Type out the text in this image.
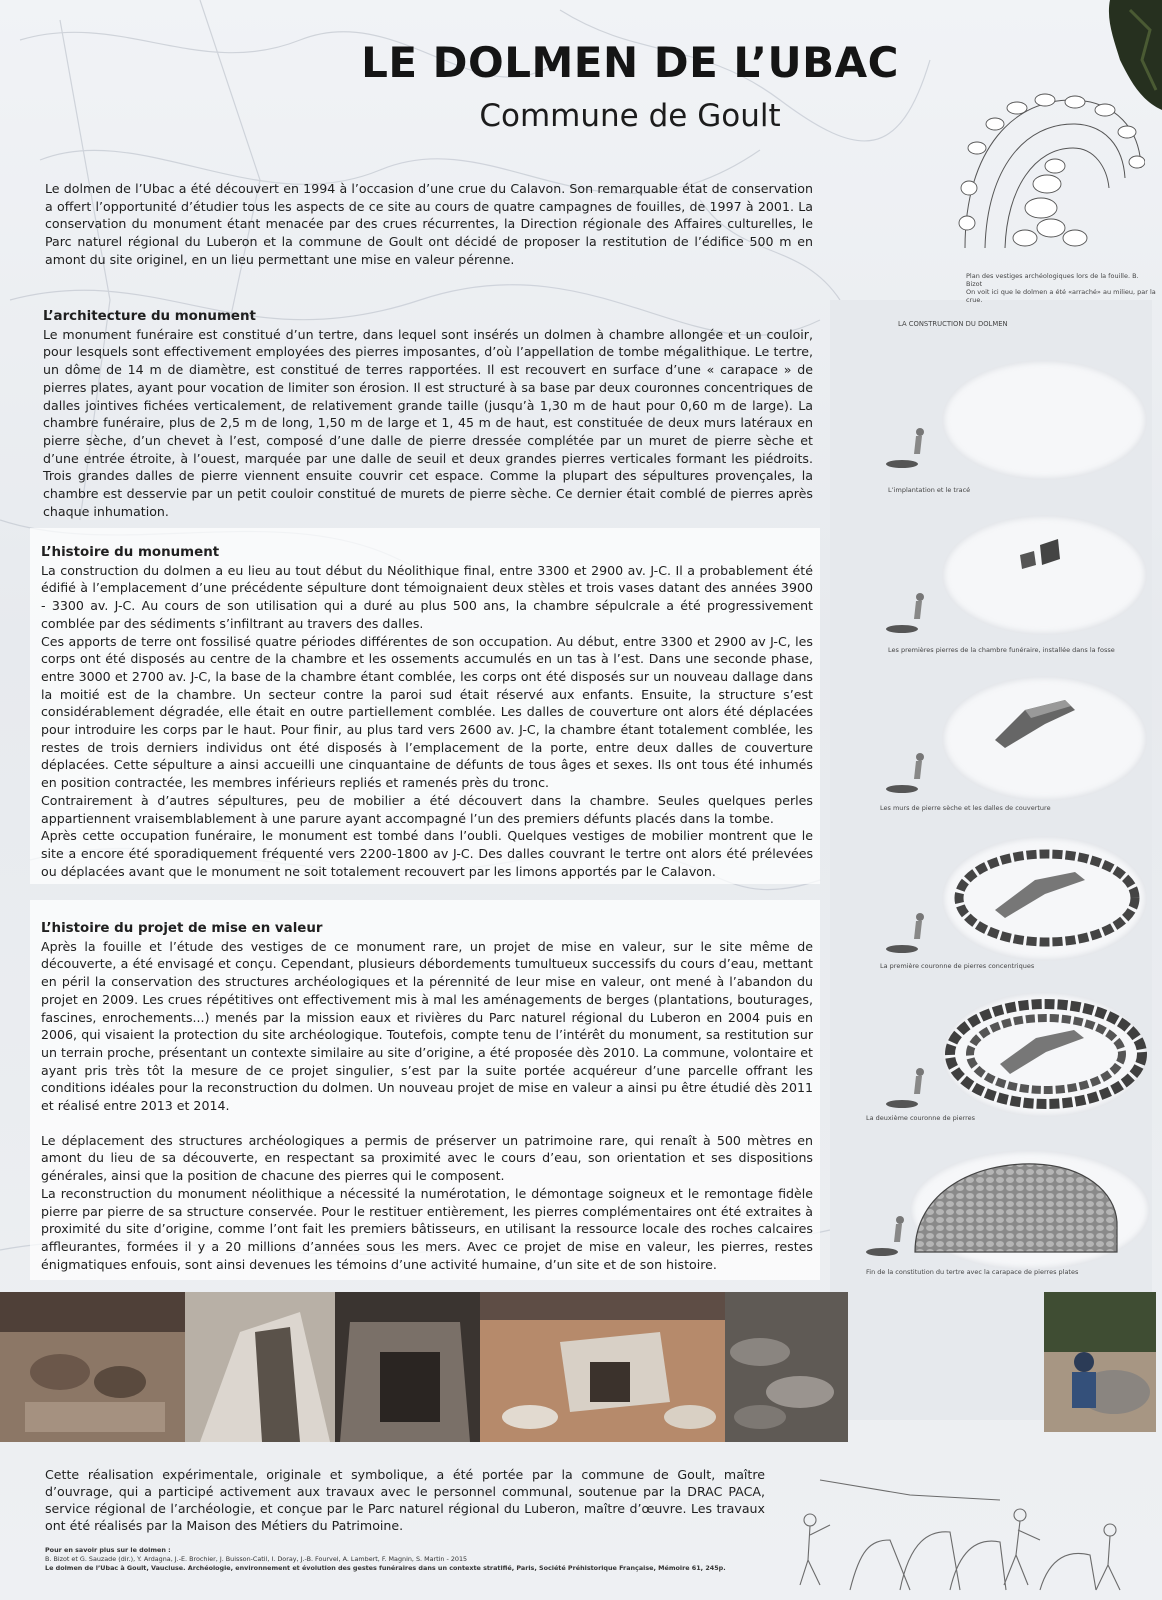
Plan des vestiges archéologiques lors de la fouille. B. Bizot
On voit ici que le dolmen a été «arraché» au milieu, par la crue.
LA CONSTRUCTION DU DOLMEN
L’implantation et le tracé
Les premières pierres de la chambre funéraire, installée dans la fosse
Les murs de pierre sèche et les dalles de couverture
La première couronne de pierres concentriques
La deuxième couronne de pierres
Fin de la constitution du tertre avec la carapace de pierres plates
LE DOLMEN DE L’UBAC
Commune de Goult
Le dolmen de l’Ubac a été découvert en 1994 à l’occasion d’une crue du Calavon. Son remarquable état de conservation a offert l’opportunité d’étudier tous les aspects de ce site au cours de quatre campagnes de fouilles, de 1997 à 2001. La conservation du monument étant menacée par des crues récurrentes, la Direction régionale des Affaires culturelles, le Parc naturel régional du Luberon et la commune de Goult ont décidé de proposer la restitution de l’édifice 500 m en amont du site originel, en un lieu permettant une mise en valeur pérenne.

L’architecture du monument

Le monument funéraire est constitué d’un tertre, dans lequel sont insérés un dolmen à chambre allongée et un couloir, pour lesquels sont effectivement employées des pierres imposantes, d’où l’appellation de tombe mégalithique. Le tertre, un dôme de 14 m de diamètre, est constitué de terres rapportées. Il est recouvert en surface d’une « carapace » de pierres plates, ayant pour vocation de limiter son érosion. Il est structuré à sa base par deux couronnes concentriques de dalles jointives fichées verticalement, de relativement grande taille (jusqu’à 1,30 m de haut pour 0,60 m de large). La chambre funéraire, plus de 2,5 m de long, 1,50 m de large et 1, 45 m de haut, est constituée de deux murs latéraux en pierre sèche, d’un chevet à l’est, composé d’une dalle de pierre dressée complétée par un muret de pierre sèche et d’une entrée étroite, à l’ouest, marquée par une dalle de seuil et deux grandes pierres verticales formant les piédroits. Trois grandes dalles de pierre viennent ensuite couvrir cet espace. Comme la plupart des sépultures provençales, la chambre est desservie par un petit couloir constitué de murets de pierre sèche. Ce dernier était comblé de pierres après chaque inhumation.

L’histoire du monument

La construction du dolmen a eu lieu au tout début du Néolithique final, entre 3300 et 2900 av. J-C. Il a probablement été édifié à l’emplacement d’une précédente sépulture dont témoignaient deux stèles et trois vases datant des années 3900 - 3300 av. J-C. Au cours de son utilisation qui a duré au plus 500 ans, la chambre sépulcrale a été progressivement comblée par des sédiments s’infiltrant au travers des dalles.

Ces apports de terre ont fossilisé quatre périodes différentes de son occupation. Au début, entre 3300 et 2900 av J-C, les corps ont été disposés au centre de la chambre et les ossements accumulés en un tas à l’est. Dans une seconde phase, entre 3000 et 2700 av. J-C, la base de la chambre étant comblée, les corps ont été disposés sur un nouveau dallage dans la moitié est de la chambre. Un secteur contre la paroi sud était réservé aux enfants. Ensuite, la structure s’est considérablement dégradée, elle était en outre partiellement comblée. Les dalles de couverture ont alors été déplacées pour introduire les corps par le haut. Pour finir, au plus tard vers 2600 av. J-C, la chambre étant totalement comblée, les restes de trois derniers individus ont été disposés à l’emplacement de la porte, entre deux dalles de couverture déplacées. Cette sépulture a ainsi accueilli une cinquantaine de défunts de tous âges et sexes. Ils ont tous été inhumés en position contractée, les membres inférieurs repliés et ramenés près du tronc.

Contrairement à d’autres sépultures, peu de mobilier a été découvert dans la chambre. Seules quelques perles appartiennent vraisemblablement à une parure ayant accompagné l’un des premiers défunts placés dans la tombe.

Après cette occupation funéraire, le monument est tombé dans l’oubli. Quelques vestiges de mobilier montrent que le site a encore été sporadiquement fréquenté vers 2200-1800 av J-C. Des dalles couvrant le tertre ont alors été prélevées ou déplacées avant que le monument ne soit totalement recouvert par les limons apportés par le Calavon.

L’histoire du projet de mise en valeur

Après la fouille et l’étude des vestiges de ce monument rare, un projet de mise en valeur, sur le site même de découverte, a été envisagé et conçu. Cependant, plusieurs débordements tumultueux successifs du cours d’eau, mettant en péril la conservation des structures archéologiques et la pérennité de leur mise en valeur, ont mené à l’abandon du projet en 2009. Les crues répétitives ont effectivement mis à mal les aménagements de berges (plantations, bouturages, fascines, enrochements...) menés par la mission eaux et rivières du Parc naturel régional du Luberon en 2004 puis en 2006, qui visaient la protection du site archéologique. Toutefois, compte tenu de l’intérêt du monument, sa restitution sur un terrain proche, présentant un contexte similaire au site d’origine, a été proposée dès 2010. La commune, volontaire et ayant pris très tôt la mesure de ce projet singulier, s’est par la suite portée acquéreur d’une parcelle offrant les conditions idéales pour la reconstruction du dolmen. Un nouveau projet de mise en valeur a ainsi pu être étudié dès 2011 et réalisé entre 2013 et 2014.

Le déplacement des structures archéologiques a permis de préserver un patrimoine rare, qui renaît à 500 mètres en amont du lieu de sa découverte, en respectant sa proximité avec le cours d’eau, son orientation et ses dispositions générales, ainsi que la position de chacune des pierres qui le composent.

La reconstruction du monument néolithique a nécessité la numérotation, le démontage soigneux et le remontage fidèle pierre par pierre de sa structure conservée. Pour le restituer entièrement, les pierres complémentaires ont été extraites à proximité du site d’origine, comme l’ont fait les premiers bâtisseurs, en utilisant la ressource locale des roches calcaires affleurantes, formées il y a 20 millions d’années sous les mers. Avec ce projet de mise en valeur, les pierres, restes énigmatiques enfouis, sont ainsi devenues les témoins d’une activité humaine, d’un site et de son histoire.

Cette réalisation expérimentale, originale et symbolique, a été portée par la commune de Goult, maître d’ouvrage, qui a participé activement aux travaux avec le personnel communal, soutenue par la DRAC PACA, service régional de l’archéologie, et conçue par le Parc naturel régional du Luberon, maître d’œuvre. Les travaux ont été réalisés par la Maison des Métiers du Patrimoine.
Pour en savoir plus sur le dolmen :
B. Bizot et G. Sauzade (dir.), Y. Ardagna, J.-E. Brochier, J. Buisson-Catil, I. Doray, J.-B. Fourvel, A. Lambert, F. Magnin, S. Martin - 2015
Le dolmen de l’Ubac à Goult, Vaucluse. Archéologie, environnement et évolution des gestes funéraires dans un contexte stratifié, Paris, Société Préhistorique Française, Mémoire 61, 245p.
